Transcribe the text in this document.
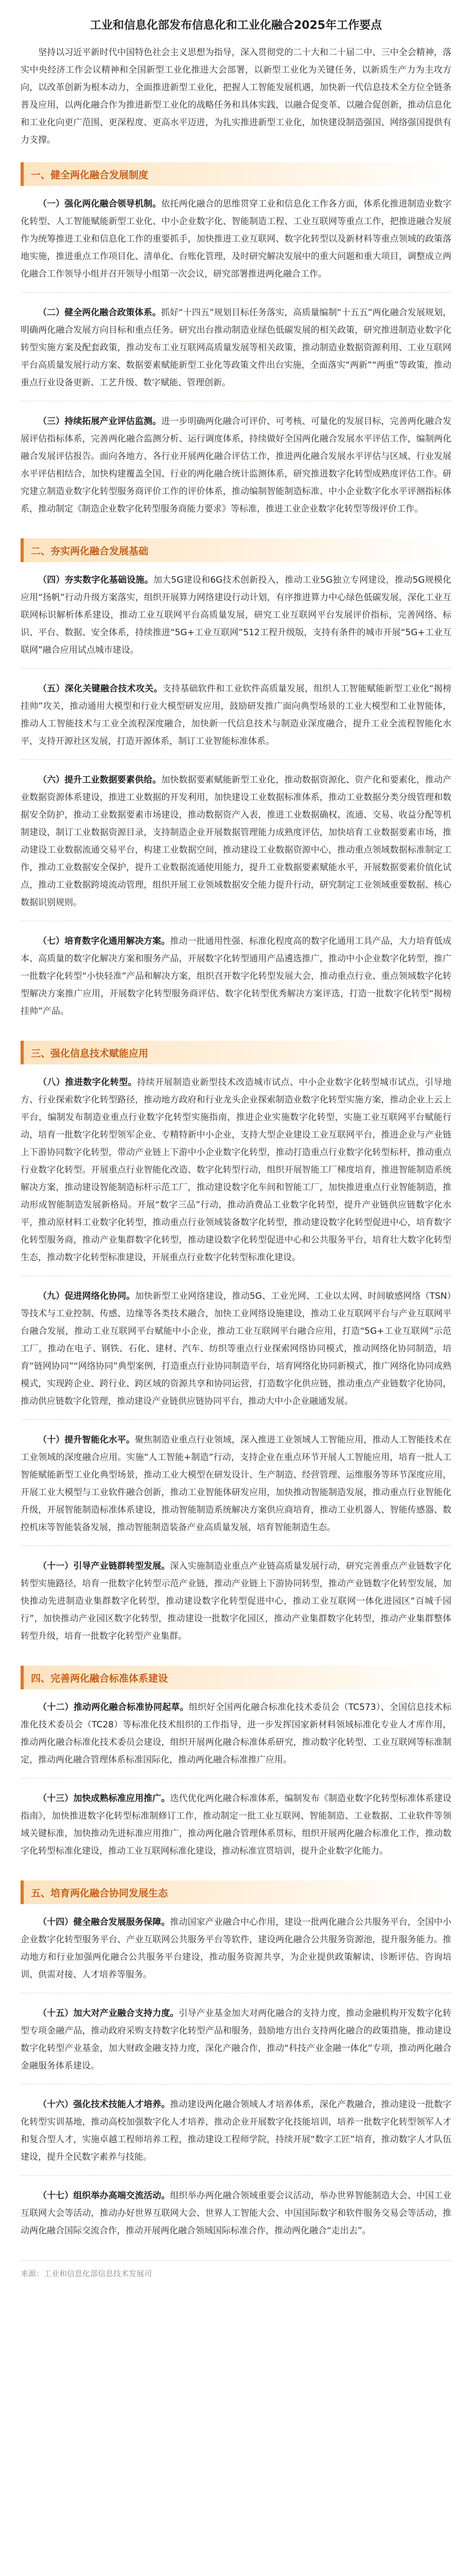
工业和信息化部发布信息化和工业化融合2025年工作要点

坚持以习近平新时代中国特色社会主义思想为指导，深入贯彻党的二十大和二十届二中、三中全会精神，落实中央经济工作会议精神和全国新型工业化推进大会部署，以新型工业化为关键任务，以新质生产力为主攻方向，以改革创新为根本动力，全面推进新型工业化，把握人工智能发展机遇，加快新一代信息技术全方位全链条普及应用，以两化融合作为推进新型工业化的战略任务和具体实践，以融合促变革、以融合促创新，推动信息化和工业化向更广范围、更深程度、更高水平迈进，为扎实推进新型工业化，加快建设制造强国、网络强国提供有力支撑。

一、健全两化融合发展制度

（一）强化两化融合领导机制。依托两化融合的思维贯穿工业和信息化工作各方面，体系化推进制造业数字化转型、人工智能赋能新型工业化、中小企业数字化、智能制造工程、工业互联网等重点工作，把推进融合发展作为统筹推进工业和信息化工作的重要抓手，加快推进工业互联网、数字化转型以及新材料等重点领域的政策落地实施，推进重点工作项目化、清单化、台账化管理，及时研究解决发展中的重大问题和重大项目，调整成立两化融合工作领导小组并召开领导小组第一次会议，研究部署推进两化融合工作。

（二）健全两化融合政策体系。抓好“十四五”规划目标任务落实，高质量编制“十五五”两化融合发展规划，明确两化融合发展方向目标和重点任务。研究出台推动制造业绿色低碳发展的相关政策，研究推进制造业数字化转型实施方案及配套政策，推动发布工业互联网高质量发展等相关政策，推动制造业数据资源利用、工业互联网平台高质量发展行动方案、数据要素赋能新型工业化等政策文件出台实施，全面落实“两新”“两重”等政策，推动重点行业设备更新、工艺升级、数字赋能、管理创新。

（三）持续拓展产业评估监测。进一步明确两化融合可评价、可考核、可量化的发展目标，完善两化融合发展评估指标体系，完善两化融合监测分析、运行调度体系，持续做好全国两化融合发展水平评估工作，编制两化融合发展评估报告。面向各地方、各行业开展两化融合评估工作，推进两化融合发展水平评估与区域、行业发展水平评估相结合，加快构建覆盖全国、行业的两化融合统计监测体系，研究推进数字化转型成熟度评估工作。研究建立制造业数字化转型服务商评价工作的评价体系，推动编制智能制造标准、中小企业数字化水平评测指标体系，推动制定《制造企业数字化转型服务商能力要求》等标准，推进工业企业数字化转型等级评价工作。

二、夯实两化融合发展基础

（四）夯实数字化基础设施。加大5G建设和6G技术创新投入，推动工业5G独立专网建设，推动5G规模化应用“扬帆”行动升级方案落实，组织开展算力网络建设行动计划，有序推进算力中心绿色低碳发展，深化工业互联网标识解析体系建设，推动工业互联网平台高质量发展，研究工业互联网平台发展评价指标，完善网络、标识、平台、数据、安全体系，持续推进“5G+工业互联网”512工程升级版，支持有条件的城市开展“5G+工业互联网”融合应用试点城市建设。

（五）深化关键融合技术攻关。支持基础软件和工业软件高质量发展，组织人工智能赋能新型工业化“揭榜挂帅”攻关，推动通用大模型和行业大模型研发应用，鼓励研发推广面向典型场景的工业大模型和工业智能体，推动人工智能技术与工业全流程深度融合，加快新一代信息技术与制造业深度融合，提升工业全流程智能化水平，支持开源社区发展，打造开源体系，制订工业智能标准体系。

（六）提升工业数据要素供给。加快数据要素赋能新型工业化，推动数据资源化、资产化和要素化，推动产业数据资源体系建设，推进工业数据的开发利用，加快建设工业数据标准体系，推动工业数据分类分级管理和数据安全防护，推动工业数据要素市场建设，推动数据资产入表，推进工业数据确权、流通、交易、收益分配等机制建设，制订工业数据资源目录，支持制造企业开展数据管理能力成熟度评估，加快培育工业数据要素市场，推动建设工业数据流通交易平台，构建工业数据空间，推动建设工业数据资源中心，推动重点领域数据标准制定工作，推动工业数据安全保护，提升工业数据流通使用能力，提升工业数据要素赋能水平，开展数据要素价值化试点，推动工业数据跨境流动管理，组织开展工业领域数据安全能力提升行动，研究制定工业领域重要数据、核心数据识别规则。

（七）培育数字化通用解决方案。推动一批通用性强、标准化程度高的数字化通用工具产品，大力培育低成本、高质量的数字化解决方案和服务产品，开展数字化转型通用产品遴选推广，推动中小企业数字化转型，推广一批数字化转型“小快轻准”产品和解决方案，组织召开数字化转型发展大会，推动重点行业、重点领域数字化转型解决方案推广应用，开展数字化转型服务商评估、数字化转型优秀解决方案评选，打造一批数字化转型“揭榜挂帅”产品。

三、强化信息技术赋能应用

（八）推进数字化转型。持续开展制造业新型技术改造城市试点、中小企业数字化转型城市试点，引导地方、行业探索数字化转型路径，推动地方政府和行业龙头企业探索制造业数字化转型实施方案，推动企业上云上平台，编制发布制造业重点行业数字化转型实施指南，推进企业实施数字化转型，实施工业互联网平台赋能行动，培育一批数字化转型领军企业、专精特新中小企业，支持大型企业建设工业互联网平台，推进企业与产业链上下游协同数字化转型，带动产业链上下游中小企业数字化转型，推动打造重点行业数字化转型标杆，推动重点行业数字化转型。开展重点行业智能化改造、数字化转型行动，组织开展智能工厂梯度培育，推进智能制造系统解决方案，推动建设智能制造标杆示范工厂，推动建设数字化车间和智能工厂，加快推进重点行业智能制造，推动形成智能制造发展新格局。开展“数字三品”行动，推动消费品工业数字化转型，提升产业链供应链数字化水平，推动原材料工业数字化转型，推动重点行业领域装备数字化转型，推动建设数字化转型促进中心，培育数字化转型服务商，推动产业集群数字化转型，推动建设数字化转型促进中心和公共服务平台，培育壮大数字化转型生态，推动数字化转型标准建设，开展重点行业数字化转型标准化建设。

（九）促进网络化协同。加快新型工业网络建设，推动5G、工业光网、工业以太网、时间敏感网络（TSN）等技术与工业控制、传感、边缘等各类技术融合，加快工业网络设施建设，推动工业互联网平台与产业互联网平台融合发展，推动工业互联网平台赋能中小企业，推动工业互联网平台融合应用，打造“5G+工业互联网”示范工厂，推动在电子、钢铁、石化、建材、汽车、纺织等重点行业探索网络协同模式，推动网络化协同制造，培育“链网协同”“网络协同”典型案例，打造重点行业协同制造平台，培育网络化协同新模式，推广网络化协同成熟模式，实现跨企业、跨行业、跨区域的资源共享和协同运营，打造数字化供应链，推动重点产业链数字化协同，推动供应链数字化管理，推动建设产业链供应链协同平台，推动大中小企业融通发展。

（十）提升智能化水平。聚焦制造业重点行业领域，深入推进工业领域人工智能应用，推动人工智能技术在工业领域的深度融合应用。实施“人工智能+制造”行动，支持企业在重点环节开展人工智能应用，培育一批人工智能赋能新型工业化典型场景，推动工业大模型在研发设计、生产制造、经营管理、运维服务等环节深度应用，开展工业大模型与工业软件融合创新，推动工业智能体研发应用，加快推动智能制造发展，推动重点行业智能化升级，开展智能制造标准体系建设，推动智能制造系统解决方案供应商培育，推动工业机器人、智能传感器、数控机床等智能装备发展，推动智能制造装备产业高质量发展，培育智能制造生态。

（十一）引导产业链群转型发展。深入实施制造业重点产业链高质量发展行动，研究完善重点产业链数字化转型实施路径，培育一批数字化转型示范产业链，推动产业链上下游协同转型，推动产业链数字化转型发展，加快推动先进制造业集群数字化转型，推动建设数字化转型促进中心，推动工业互联网一体化进园区“百城千园行”，加快推动产业园区数字化转型，推动建设一批数字化园区，推动产业集群数字化转型，推动产业集群整体转型升级，培育一批数字化转型产业集群。

四、完善两化融合标准体系建设

（十二）推动两化融合标准协同起草。组织好全国两化融合标准化技术委员会（TC573）、全国信息技术标准化技术委员会（TC28）等标准化技术组织的工作指导，进一步发挥国家新材料领域标准化专业人才库作用，推动两化融合标准化技术委员会建设，组织开展两化融合标准体系研究，推动数字化转型、工业互联网等标准制定，推动两化融合管理体系标准国际化，推动两化融合标准推广应用。

（十三）加快成熟标准应用推广。迭代优化两化融合标准体系，编制发布《制造业数字化转型标准体系建设指南》，加快推进数字化转型标准制修订工作，推动制定一批工业互联网、智能制造、工业数据、工业软件等领域关键标准，加快推动先进标准应用推广，推动两化融合管理体系贯标，组织开展两化融合标准化工作，推动数字化转型标准化建设，推动工业互联网标准化建设，推动标准宣贯培训，提升企业数字化能力。

五、培育两化融合协同发展生态

（十四）健全融合发展服务保障。推动国家产业融合中心作用，建设一批两化融合公共服务平台，全国中小企业数字化转型服务平台、产业互联网公共服务平台等软件，建设两化融合公共服务资源池，提升服务能力。推动地方和行业加强两化融合公共服务平台建设，推动服务资源共享，为企业提供政策解读、诊断评估、咨询培训、供需对接、人才培养等服务。

（十五）加大对产业融合支持力度。引导产业基金加大对两化融合的支持力度，推动金融机构开发数字化转型专项金融产品，推动政府采购支持数字化转型产品和服务，鼓励地方出台支持两化融合的政策措施，推动建设数字化转型产业基金，加大财政金融支持力度，深化产融合作，推动“科技产业金融一体化”专项，推动两化融合金融服务体系建设。

（十六）强化技术技能人才培养。推动建设两化融合领域人才培养体系，深化产教融合，推动建设一批数字化转型实训基地，推动高校加强数字化人才培养，推动企业开展数字化技能培训，培养一批数字化转型领军人才和复合型人才，实施卓越工程师培养工程，推动建设工程师学院，持续开展“数字工匠”培育，推动数字人才队伍建设，提升全民数字素养与技能。

（十七）组织举办高端交流活动。组织举办两化融合领域重要会议活动，举办世界智能制造大会、中国工业互联网大会等活动，推动办好世界互联网大会、世界人工智能大会、中国国际数字和软件服务交易会等活动，推动两化融合国际交流合作，推动开展两化融合领域国际标准合作，推动两化融合“走出去”。

来源：工业和信息化部信息技术发展司
